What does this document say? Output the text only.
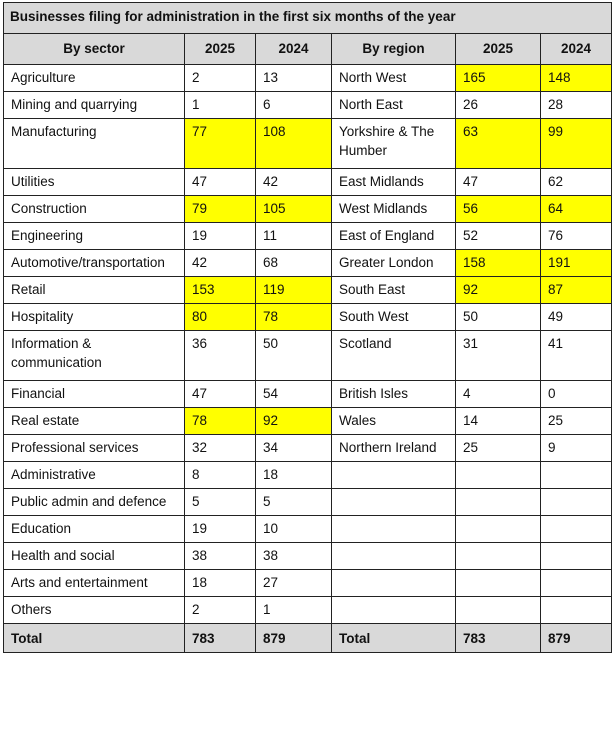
Businesses filing for administration in the first six months of the year					
By sector	2025	2024	By region	2025	2024
Agriculture	2	13	North West	165	148
Mining and quarrying	1	6	North East	26	28
Manufacturing	77	108	Yorkshire & The Humber	63	99
Utilities	47	42	East Midlands	47	62
Construction	79	105	West Midlands	56	64
Engineering	19	11	East of England	52	76
Automotive/transportation	42	68	Greater London	158	191
Retail	153	119	South East	92	87
Hospitality	80	78	South West	50	49
Information & communication	36	50	Scotland	31	41
Financial	47	54	British Isles	4	0
Real estate	78	92	Wales	14	25
Professional services	32	34	Northern Ireland	25	9
Administrative	8	18			
Public admin and defence	5	5			
Education	19	10			
Health and social	38	38			
Arts and entertainment	18	27			
Others	2	1			
Total	783	879	Total	783	879
